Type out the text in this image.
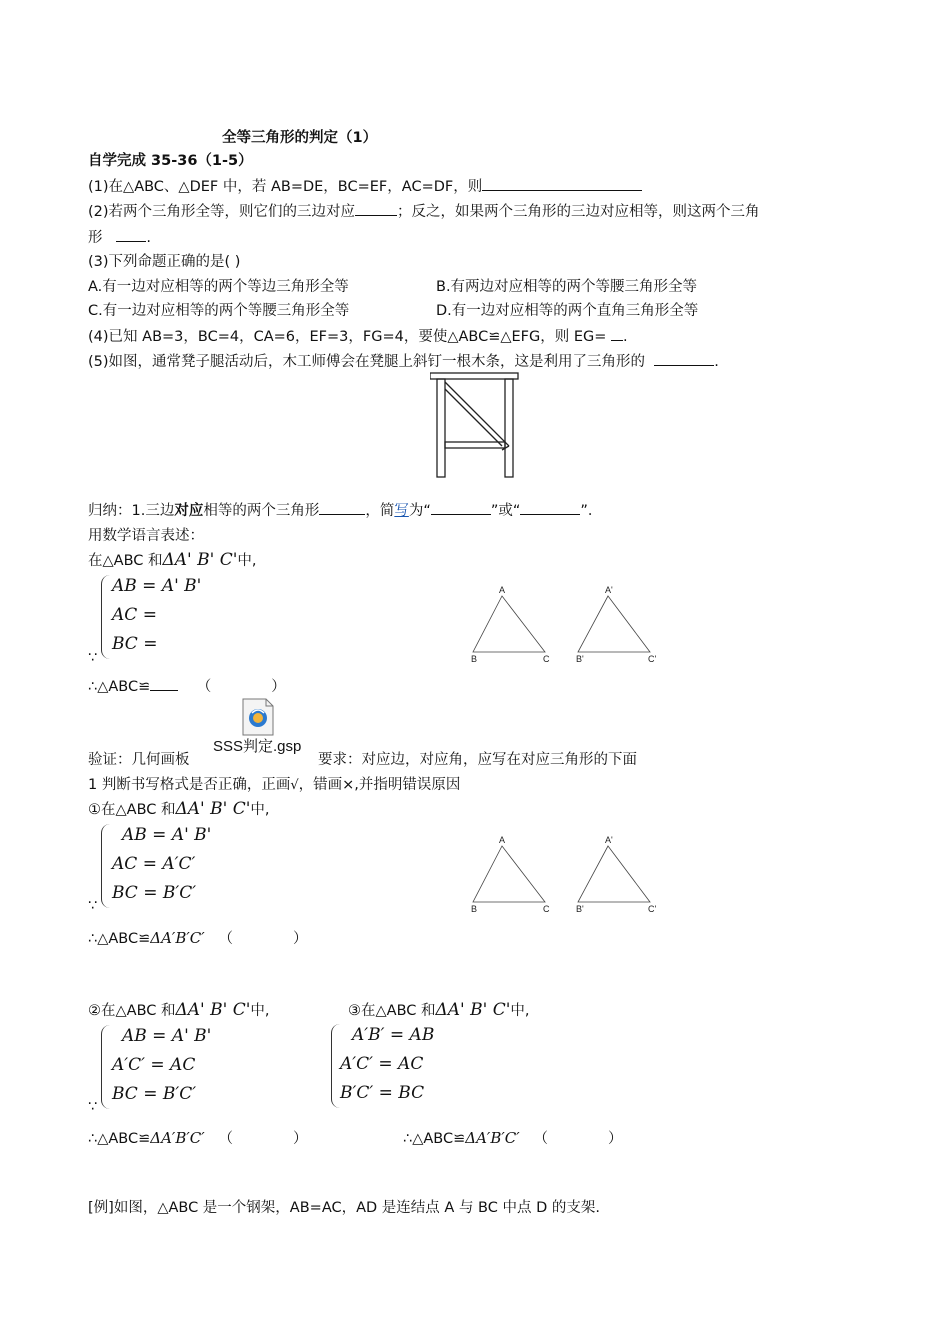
全等三角形的判定（1）
自学完成 35-36（1-5）
(1)在△ABC、△DEF 中，若 AB=DE，BC=EF，AC=DF，则
(2)若两个三角形全等，则它们的三边对应	；反之，如果两个三角形的三边对应相等，则这两个三角
形	.
(3)下列命题正确的是( )
A.有一边对应相等的两个等边三角形全等	B.有两边对应相等的两个等腰三角形全等
C.有一边对应相等的两个等腰三角形全等	D.有一边对应相等的两个直角三角形全等
(4)已知 AB=3，BC=4，CA=6，EF=3，FG=4，要使△ABC≌△EFG，则 EG= .
(5)如图，通常凳子腿活动后，木工师傅会在凳腿上斜钉一根木条，这是利用了三角形的	.
归纳：1.三边对应相等的两个三角形	，简写为“	”或“	”．
用数学语言表述：
在△ABC 和ΔA' B' C'中,
AB = A' B'
AC =
BC =
∵
∴△ABC≌	（	）
A
B	C
A'
B'	C'
SSS判定.gsp
验证：几何画板	要求：对应边，对应角，应写在对应三角形的下面
1 判断书写格式是否正确，正画√，错画×,并指明错误原因
①在△ABC 和ΔA' B' C'中,
AB = A' B'
AC = A′C′
BC = B′C′
∵
∴△ABC≌ΔA′B′C′ （	）
A
B	C
A'
B'	C'
②在△ABC 和ΔA' B' C'中,
AB = A' B'
A′C′ = AC
BC = B′C′
∵
∴△ABC≌ΔA′B′C′ （	）
③在△ABC 和ΔA' B' C'中,
A′B′ = AB
A′C′ = AC
B′C′ = BC
∴△ABC≌ΔA′B′C′ （	）
[例]如图，△ABC 是一个钢架，AB=AC，AD 是连结点 A 与 BC 中点 D 的支架.
